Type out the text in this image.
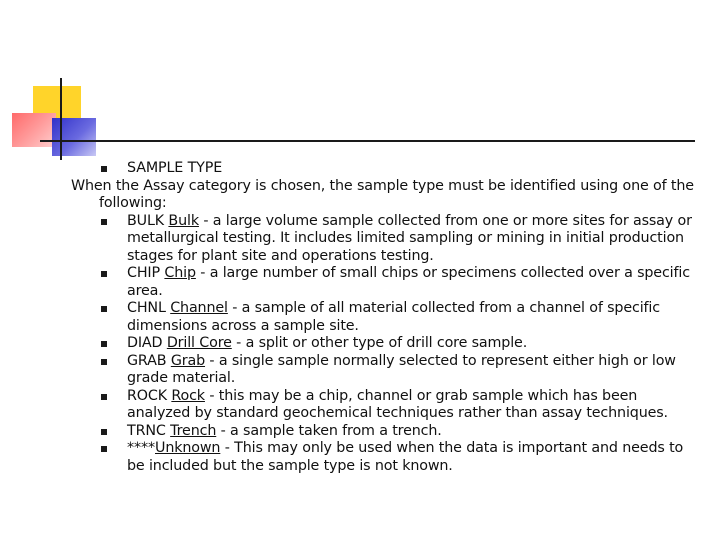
SAMPLE TYPE
When the Assay category is chosen, the sample type must be identified using one of the following:
BULK Bulk - a large volume sample collected from one or more sites for assay or metallurgical testing. It includes limited sampling or mining in initial production stages for plant site and operations testing.
CHIP Chip - a large number of small chips or specimens collected over a specific area.
CHNL Channel - a sample of all material collected from a channel of specific dimensions across a sample site.
DIAD Drill Core - a split or other type of drill core sample.
GRAB Grab - a single sample normally selected to represent either high or low grade material.
ROCK Rock - this may be a chip, channel or grab sample which has been analyzed by standard geochemical techniques rather than assay techniques.
TRNC Trench - a sample taken from a trench.
****Unknown - This may only be used when the data is important and needs to be included but the sample type is not known.
